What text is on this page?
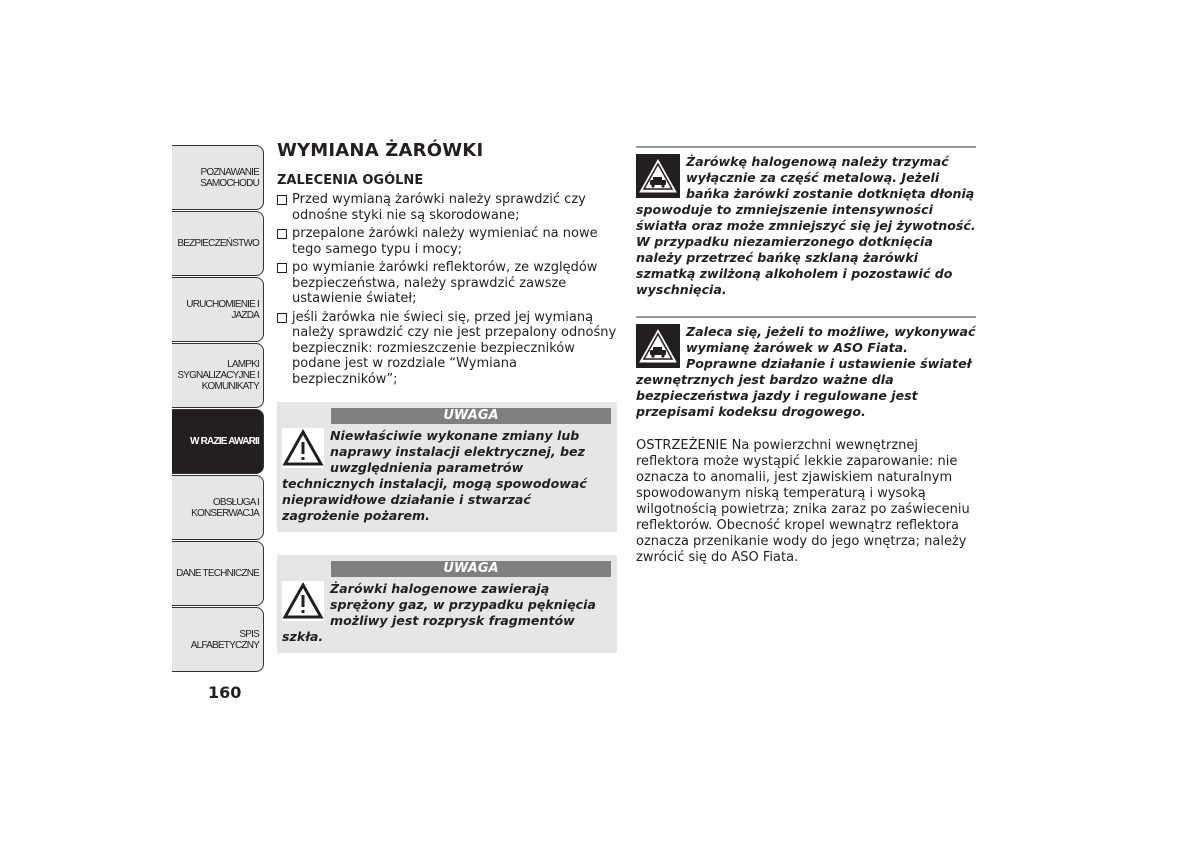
POZNAWANIE
SAMOCHODU
BEZPIECZEŃSTWO
URUCHOMIENIE I
JAZDA
LAMPKI
SYGNALIZACYJNE I
KOMUNIKATY
W RAZIE AWARII
OBSŁUGA I
KONSERWACJA
DANE TECHNICZNE
SPIS ALFABETYCZNY
160
WYMIANA ŻARÓWKI
ZALECENIA OGÓLNE
Przed wymianą żarówki należy sprawdzić czy odnośne styki nie są skorodowane;
przepalone żarówki należy wymieniać na nowe tego samego typu i mocy;
po wymianie żarówki reflektorów, ze względów bezpieczeństwa, należy sprawdzić zawsze ustawienie świateł;
jeśli żarówka nie świeci się, przed jej wymianą należy sprawdzić czy nie jest przepalony odnośny bezpiecznik: rozmieszczenie bezpieczników podane jest w rozdziale “Wymiana bezpieczników”;
UWAGA
Niewłaściwie wykonane zmiany lub naprawy instalacji elektrycznej, bez uwzględnienia parametrów technicznych instalacji, mogą spowodować nieprawidłowe działanie i stwarzać zagrożenie pożarem.
UWAGA
Żarówki halogenowe zawierają sprężony gaz, w przypadku pęknięcia możliwy jest rozprysk fragmentów szkła.
Żarówkę halogenową należy trzymać wyłącznie za część metalową. Jeżeli bańka żarówki zostanie dotknięta dłonią spowoduje to zmniejszenie intensywności światła oraz może zmniejszyć się jej żywotność. W przypadku niezamierzonego dotknięcia należy przetrzeć bańkę szklaną żarówki szmatką zwilżoną alkoholem i pozostawić do wyschnięcia.
Zaleca się, jeżeli to możliwe, wykonywać wymianę żarówek w ASO Fiata. Poprawne działanie i ustawienie świateł zewnętrznych jest bardzo ważne dla bezpieczeństwa jazdy i regulowane jest przepisami kodeksu drogowego.

OSTRZEŻENIE Na powierzchni wewnętrznej reflektora może wystąpić lekkie zaparowanie: nie oznacza to anomalii, jest zjawiskiem naturalnym spowodowanym niską temperaturą i wysoką wilgotnością powietrza; znika zaraz po zaświeceniu reflektorów. Obecność kropel wewnątrz reflektora oznacza przenikanie wody do jego wnętrza; należy zwrócić się do ASO Fiata.
